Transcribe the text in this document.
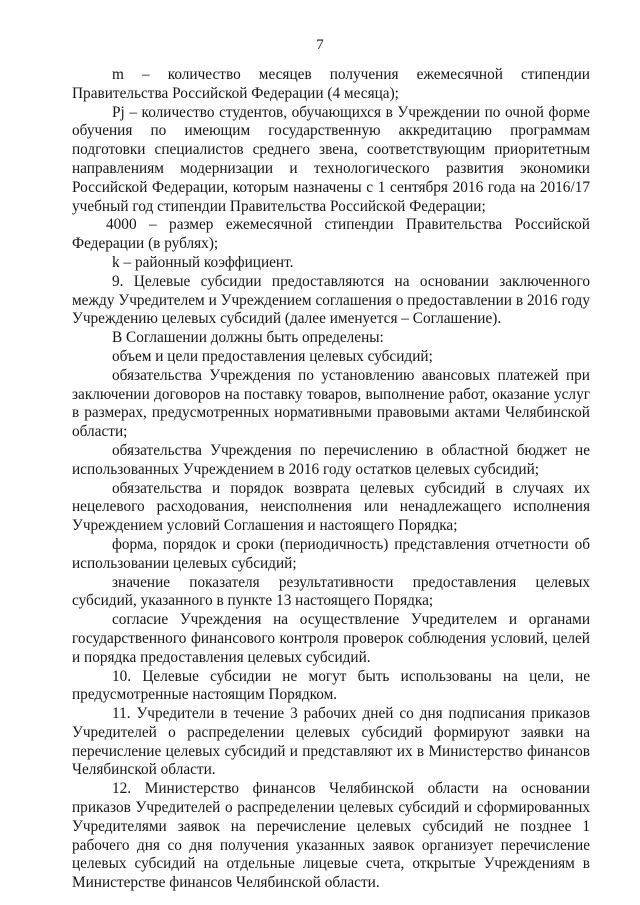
7

m – количество месяцев получения ежемесячной стипендии Правительства Российской Федерации (4 месяца);

Pj – количество студентов, обучающихся в Учреждении по очной форме обучения по имеющим государственную аккредитацию программам подготовки специалистов среднего звена, соответствующим приоритетным направлениям модернизации и технологического развития экономики Российской Федерации, которым назначены с 1 сентября 2016 года на 2016/17 учебный год стипендии Правительства Российской Федерации;

4000 – размер ежемесячной стипендии Правительства Российской Федерации (в рублях);

k – районный коэффициент.

9. Целевые субсидии предоставляются на основании заключенного между Учредителем и Учреждением соглашения о предоставлении в 2016 году Учреждению целевых субсидий (далее именуется – Соглашение).

В Соглашении должны быть определены:

объем и цели предоставления целевых субсидий;

обязательства Учреждения по установлению авансовых платежей при заключении договоров на поставку товаров, выполнение работ, оказание услуг в размерах, предусмотренных нормативными правовыми актами Челябинской области;

обязательства Учреждения по перечислению в областной бюджет не использованных Учреждением в 2016 году остатков целевых субсидий;

обязательства и порядок возврата целевых субсидий в случаях их нецелевого расходования, неисполнения или ненадлежащего исполнения Учреждением условий Соглашения и настоящего Порядка;

форма, порядок и сроки (периодичность) представления отчетности об использовании целевых субсидий;

значение показателя результативности предоставления целевых субсидий, указанного в пункте 13 настоящего Порядка;

согласие Учреждения на осуществление Учредителем и органами государственного финансового контроля проверок соблюдения условий, целей и порядка предоставления целевых субсидий.

10. Целевые субсидии не могут быть использованы на цели, не предусмотренные настоящим Порядком.

11. Учредители в течение 3 рабочих дней со дня подписания приказов Учредителей о распределении целевых субсидий формируют заявки на перечисление целевых субсидий и представляют их в Министерство финансов Челябинской области.

12. Министерство финансов Челябинской области на основании приказов Учредителей о распределении целевых субсидий и сформированных Учредителями заявок на перечисление целевых субсидий не позднее 1 рабочего дня со дня получения указанных заявок организует перечисление целевых субсидий на отдельные лицевые счета, открытые Учреждениям в Министерстве финансов Челябинской области.
